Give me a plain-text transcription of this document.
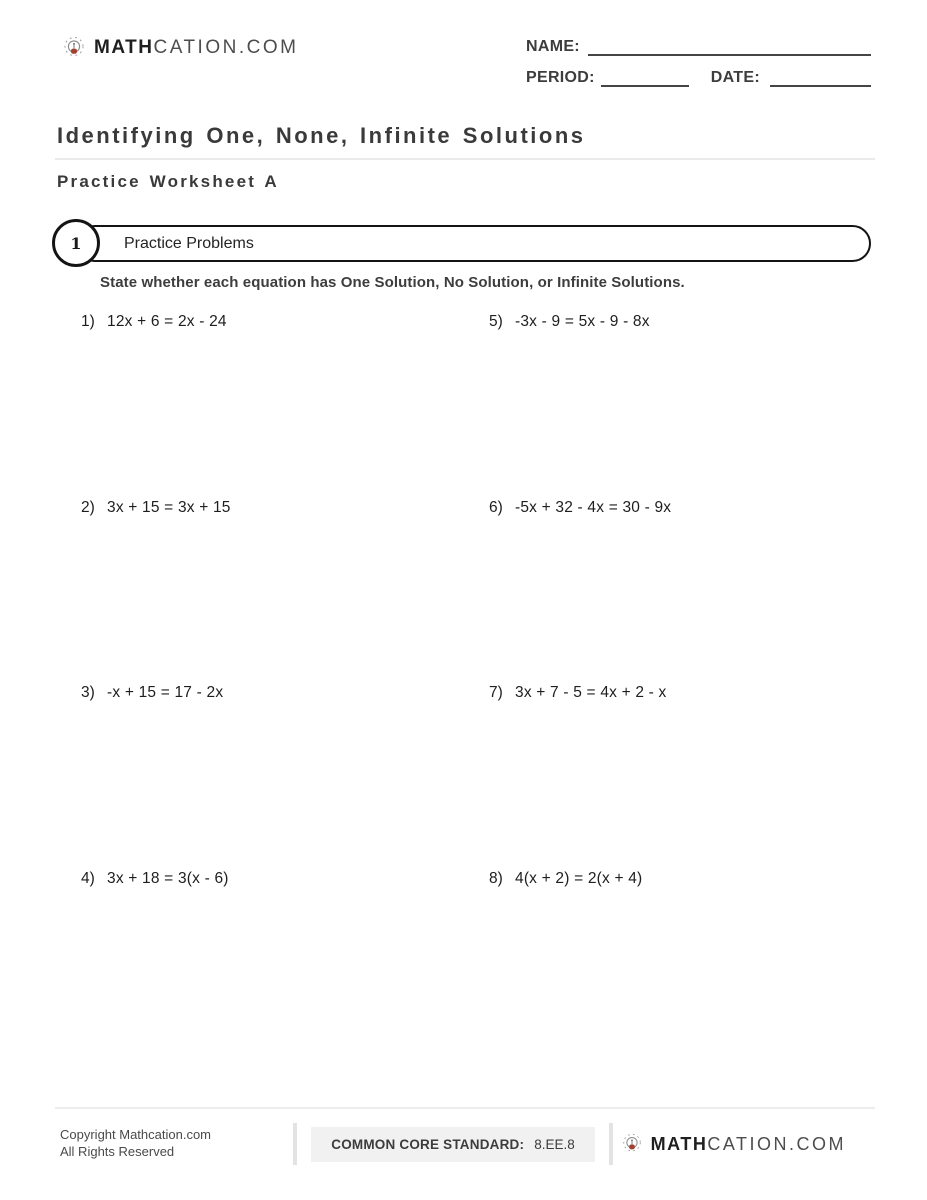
MATHCATION.COM	NAME:
PERIOD:	DATE:
Identifying One, None, Infinite Solutions
Practice Worksheet A
Practice Problems
1
State whether each equation has One Solution, No Solution, or Infinite Solutions.
1) 12x + 6 = 2x - 24	5) -3x - 9 = 5x - 9 - 8x
2) 3x + 15 = 3x + 15	6) -5x + 32 - 4x = 30 - 9x
3) -x + 15 = 17 - 2x	7) 3x + 7 - 5 = 4x + 2 - x
4) 3x + 18 = 3(x - 6)	8) 4(x + 2) = 2(x + 4)
Copyright Mathcation.com
All Rights Reserved	COMMON CORE STANDARD: 8.EE.8	MATHCATION.COM
